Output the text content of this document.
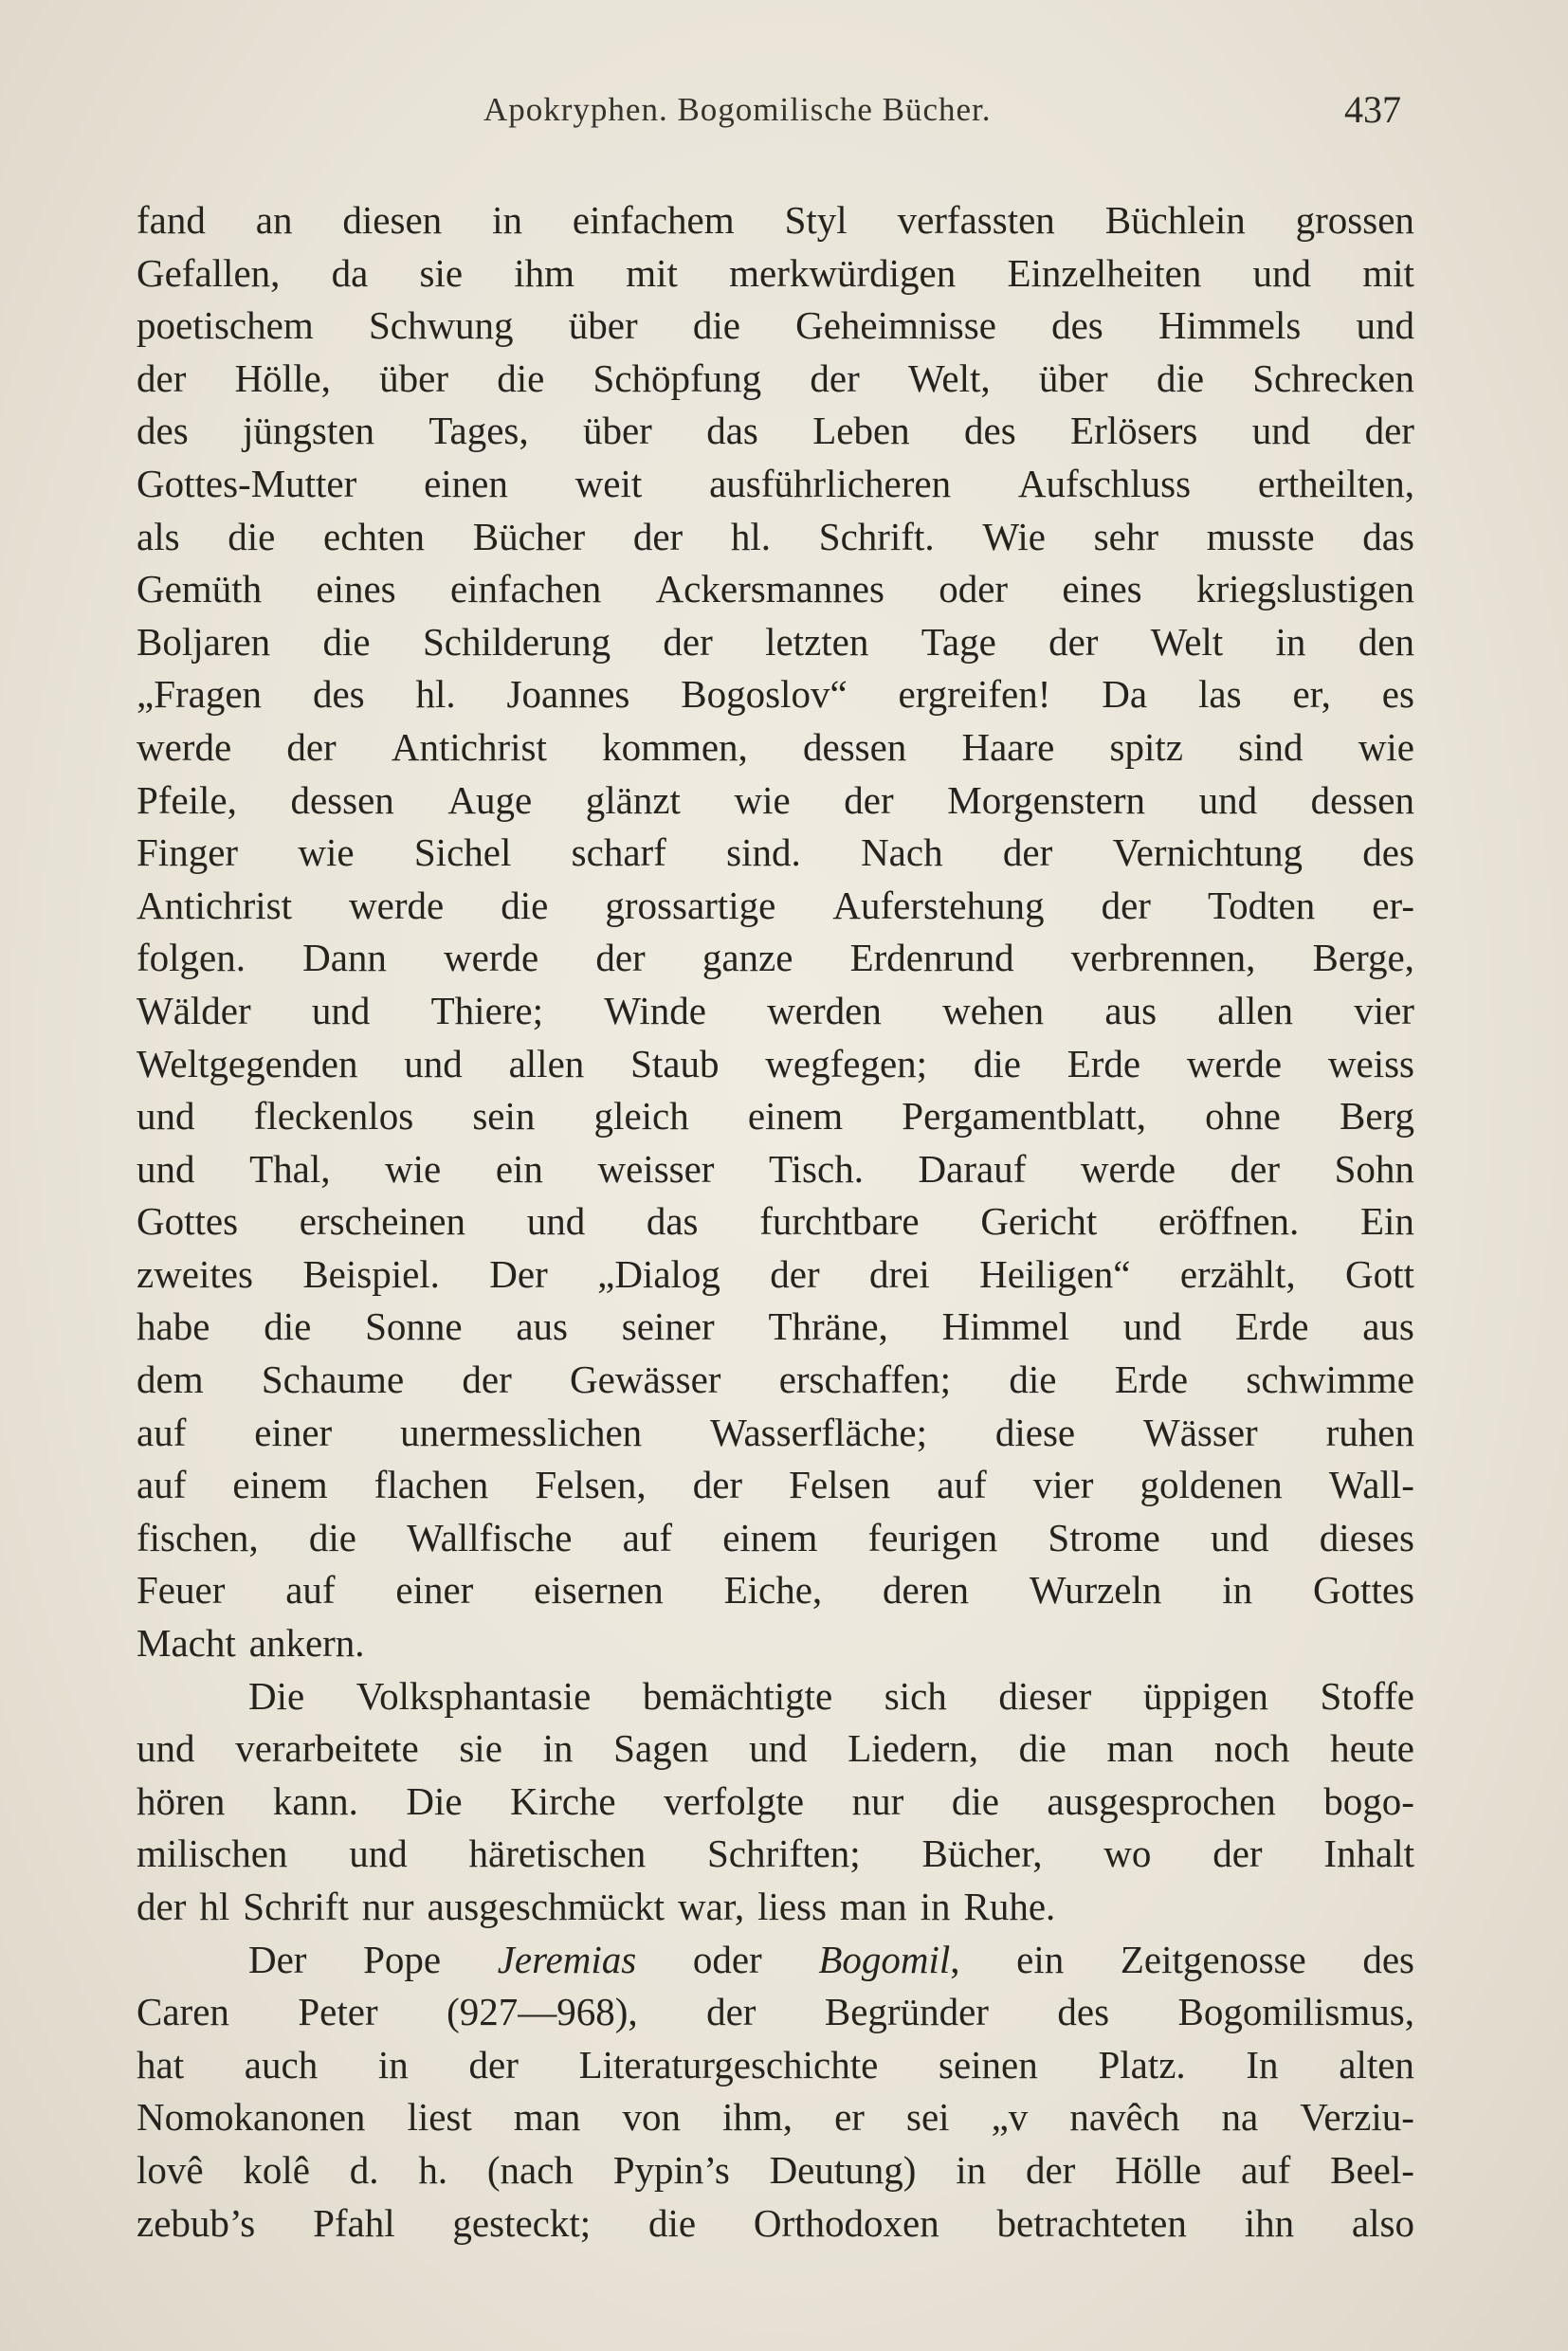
Apokryphen. Bogomilische Bücher.	437
fand an diesen in einfachem Styl verfassten Büchlein grossen
Gefallen, da sie ihm mit merkwürdigen Einzelheiten und mit
poetischem Schwung über die Geheimnisse des Himmels und
der Hölle, über die Schöpfung der Welt, über die Schrecken
des jüngsten Tages, über das Leben des Erlösers und der
Gottes-Mutter einen weit ausführlicheren Aufschluss ertheilten,
als die echten Bücher der hl. Schrift. Wie sehr musste das
Gemüth eines einfachen Ackersmannes oder eines kriegslustigen
Boljaren die Schilderung der letzten Tage der Welt in den
„Fragen des hl. Joannes Bogoslov“ ergreifen! Da las er, es
werde der Antichrist kommen, dessen Haare spitz sind wie
Pfeile, dessen Auge glänzt wie der Morgenstern und dessen
Finger wie Sichel scharf sind. Nach der Vernichtung des
Antichrist werde die grossartige Auferstehung der Todten er-
folgen. Dann werde der ganze Erdenrund verbrennen, Berge,
Wälder und Thiere; Winde werden wehen aus allen vier
Weltgegenden und allen Staub wegfegen; die Erde werde weiss
und fleckenlos sein gleich einem Pergamentblatt, ohne Berg
und Thal, wie ein weisser Tisch. Darauf werde der Sohn
Gottes erscheinen und das furchtbare Gericht eröffnen. Ein
zweites Beispiel. Der „Dialog der drei Heiligen“ erzählt, Gott
habe die Sonne aus seiner Thräne, Himmel und Erde aus
dem Schaume der Gewässer erschaffen; die Erde schwimme
auf einer unermesslichen Wasserfläche; diese Wässer ruhen
auf einem flachen Felsen, der Felsen auf vier goldenen Wall-
fischen, die Wallfische auf einem feurigen Strome und dieses
Feuer auf einer eisernen Eiche, deren Wurzeln in Gottes
Macht ankern.
Die Volksphantasie bemächtigte sich dieser üppigen Stoffe
und verarbeitete sie in Sagen und Liedern, die man noch heute
hören kann. Die Kirche verfolgte nur die ausgesprochen bogo-
milischen und häretischen Schriften; Bücher, wo der Inhalt
der hl Schrift nur ausgeschmückt war, liess man in Ruhe.
Der Pope Jeremias oder Bogomil, ein Zeitgenosse des
Caren Peter (927—968), der Begründer des Bogomilismus,
hat auch in der Literaturgeschichte seinen Platz. In alten
Nomokanonen liest man von ihm, er sei „v navêch na Verziu-
lovê kolê d. h. (nach Pypin’s Deutung) in der Hölle auf Beel-
zebub’s Pfahl gesteckt; die Orthodoxen betrachteten ihn also
